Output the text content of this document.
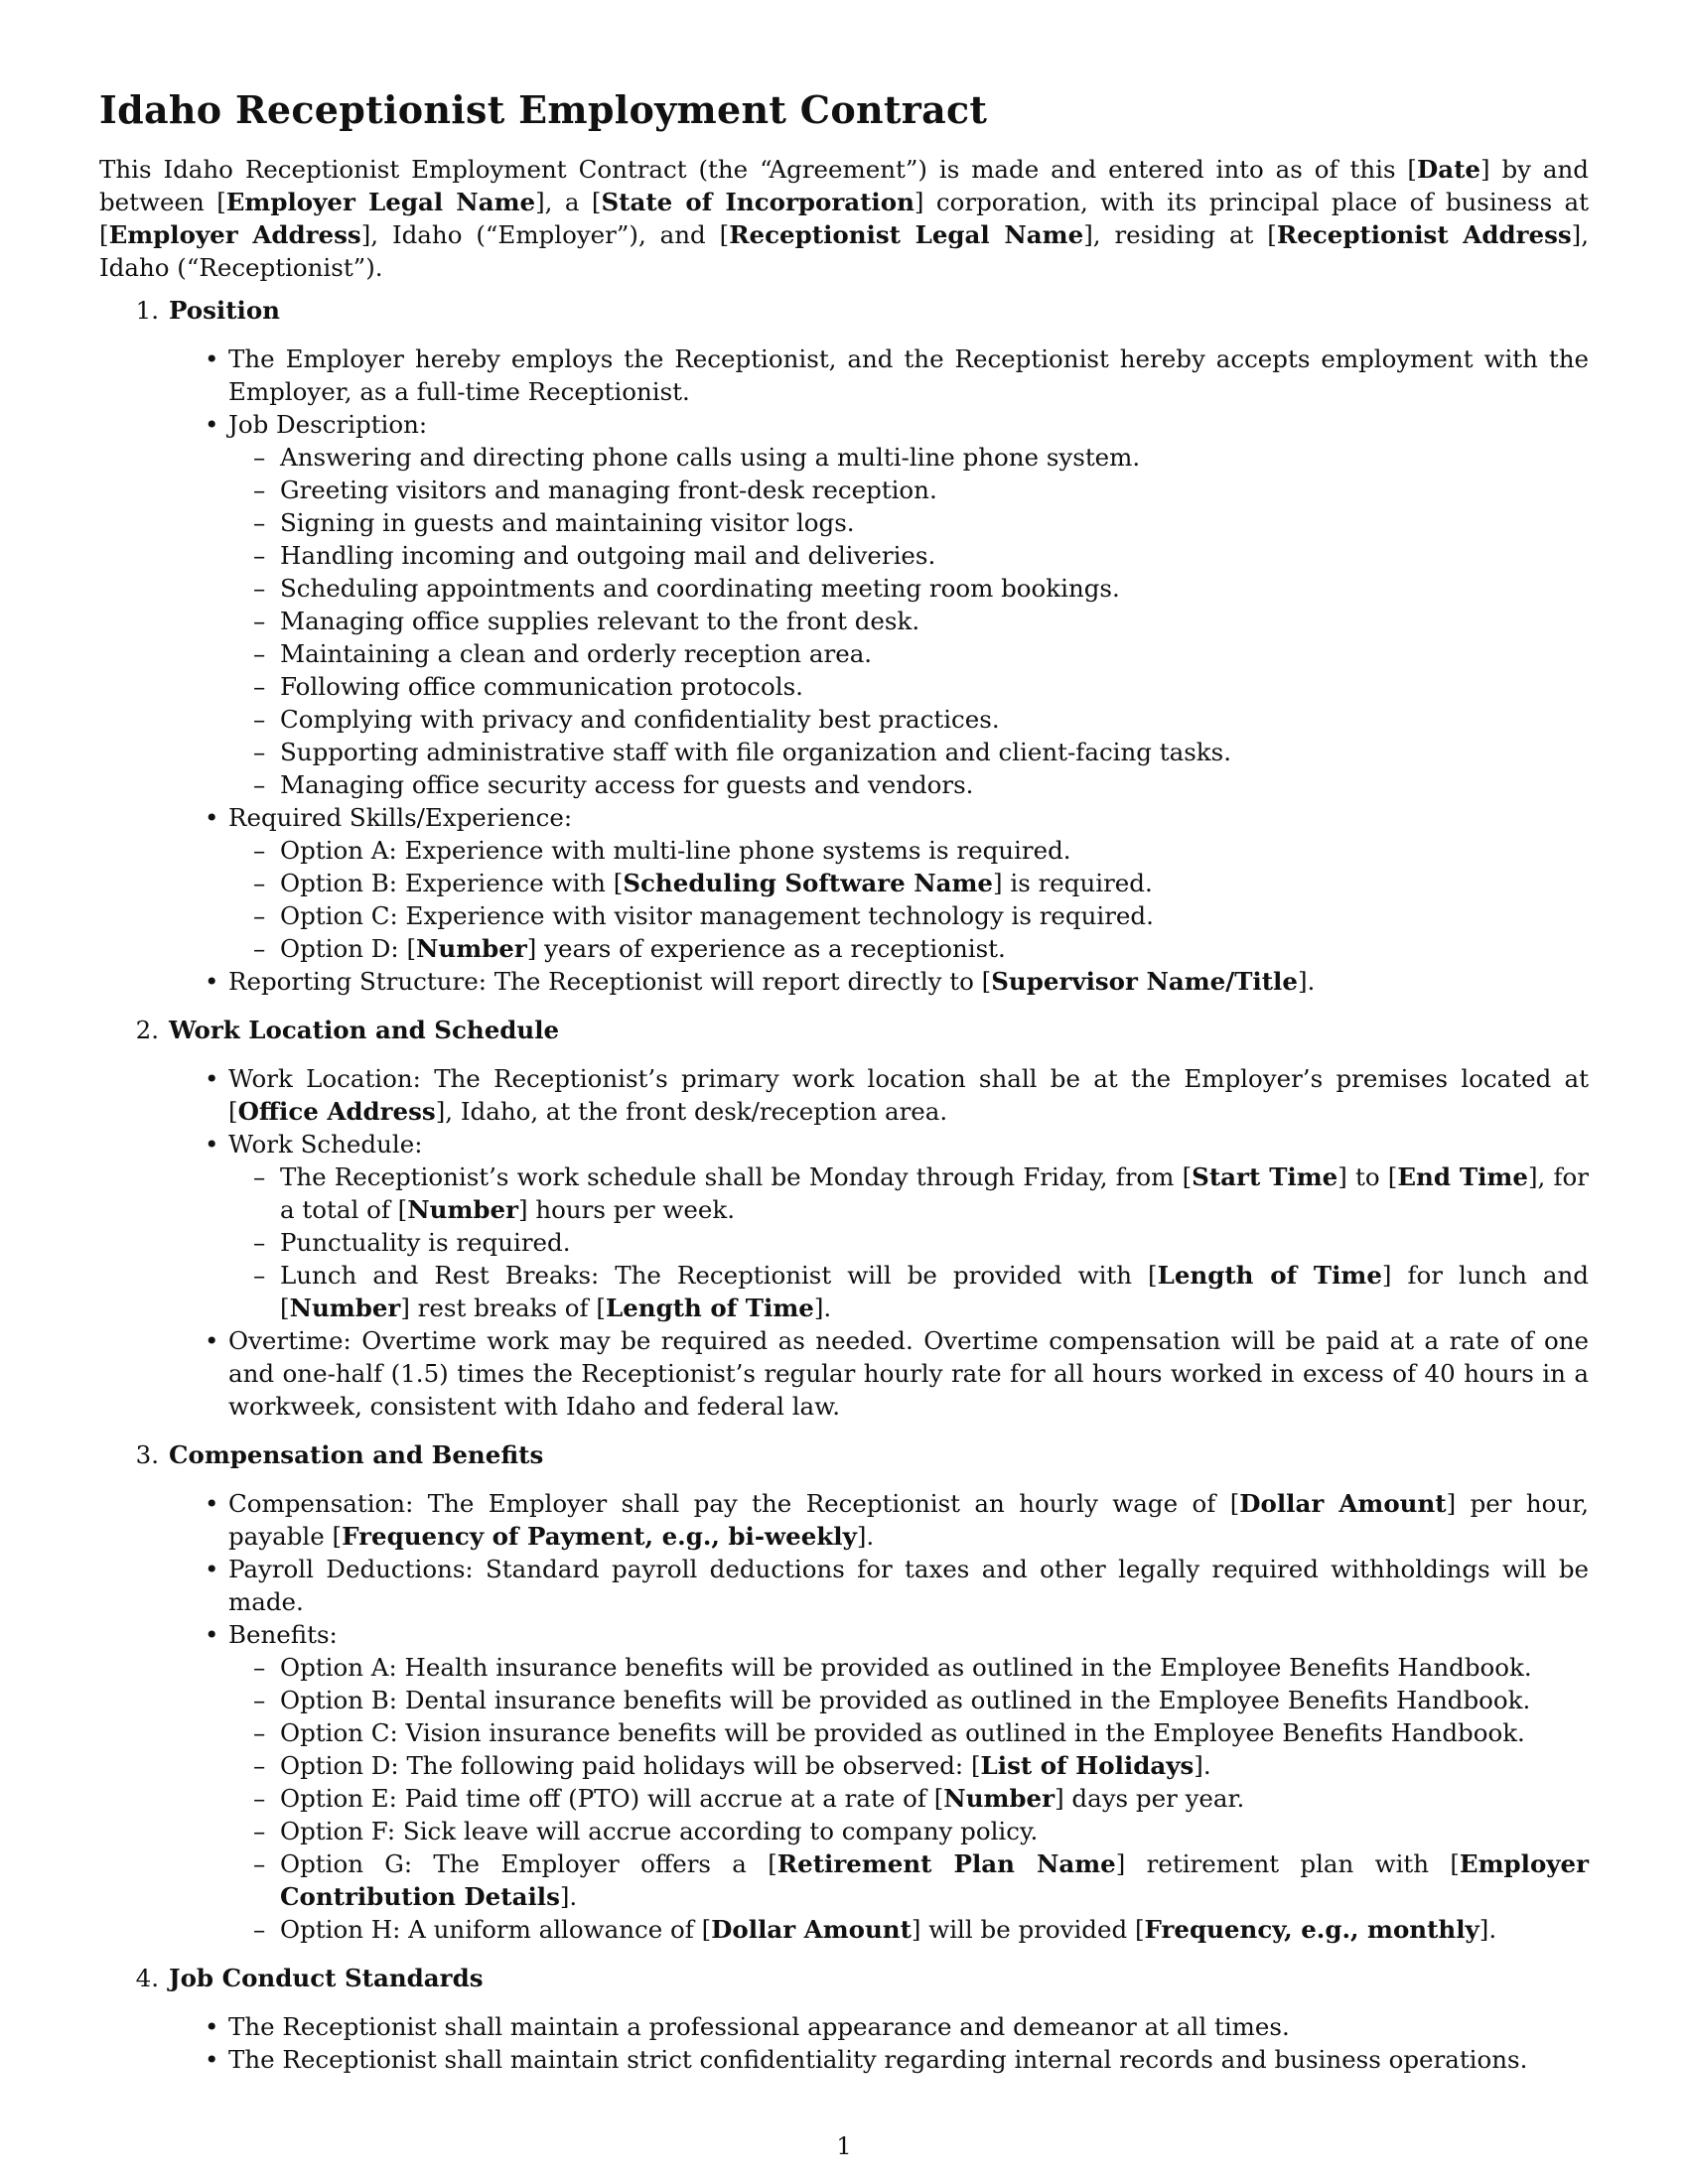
Idaho Receptionist Employment Contract

This Idaho Receptionist Employment Contract (the “Agreement”) is made and entered into as of this [Date] by and between [Employer Legal Name], a [State of Incorporation] corporation, with its principal place of business at [Employer Address], Idaho (“Employer”), and [Receptionist Legal Name], residing at [Receptionist Address], Idaho (“Receptionist”).

1. Position
• The Employer hereby employs the Receptionist, and the Receptionist hereby accepts employment with the Employer, as a full-time Receptionist.
• Job Description:
– Answering and directing phone calls using a multi-line phone system.
– Greeting visitors and managing front-desk reception.
– Signing in guests and maintaining visitor logs.
– Handling incoming and outgoing mail and deliveries.
– Scheduling appointments and coordinating meeting room bookings.
– Managing office supplies relevant to the front desk.
– Maintaining a clean and orderly reception area.
– Following office communication protocols.
– Complying with privacy and confidentiality best practices.
– Supporting administrative staff with file organization and client-facing tasks.
– Managing office security access for guests and vendors.
• Required Skills/Experience:
– Option A: Experience with multi-line phone systems is required.
– Option B: Experience with [Scheduling Software Name] is required.
– Option C: Experience with visitor management technology is required.
– Option D: [Number] years of experience as a receptionist.
• Reporting Structure: The Receptionist will report directly to [Supervisor Name/Title].
2. Work Location and Schedule
• Work Location: The Receptionist’s primary work location shall be at the Employer’s premises located at [Office Address], Idaho, at the front desk/reception area.
• Work Schedule:
– The Receptionist’s work schedule shall be Monday through Friday, from [Start Time] to [End Time], for a total of [Number] hours per week.
– Punctuality is required.
– Lunch and Rest Breaks: The Receptionist will be provided with [Length of Time] for lunch and [Number] rest breaks of [Length of Time].
• Overtime: Overtime work may be required as needed. Overtime compensation will be paid at a rate of one and one-half (1.5) times the Receptionist’s regular hourly rate for all hours worked in excess of 40 hours in a workweek, consistent with Idaho and federal law.
3. Compensation and Benefits
• Compensation: The Employer shall pay the Receptionist an hourly wage of [Dollar Amount] per hour, payable [Frequency of Payment, e.g., bi-weekly].
• Payroll Deductions: Standard payroll deductions for taxes and other legally required withholdings will be made.
• Benefits:
– Option A: Health insurance benefits will be provided as outlined in the Employee Benefits Handbook.
– Option B: Dental insurance benefits will be provided as outlined in the Employee Benefits Handbook.
– Option C: Vision insurance benefits will be provided as outlined in the Employee Benefits Handbook.
– Option D: The following paid holidays will be observed: [List of Holidays].
– Option E: Paid time off (PTO) will accrue at a rate of [Number] days per year.
– Option F: Sick leave will accrue according to company policy.
– Option G: The Employer offers a [Retirement Plan Name] retirement plan with [Employer Contribution Details].
– Option H: A uniform allowance of [Dollar Amount] will be provided [Frequency, e.g., monthly].
4. Job Conduct Standards
• The Receptionist shall maintain a professional appearance and demeanor at all times.
• The Receptionist shall maintain strict confidentiality regarding internal records and business operations.
1
